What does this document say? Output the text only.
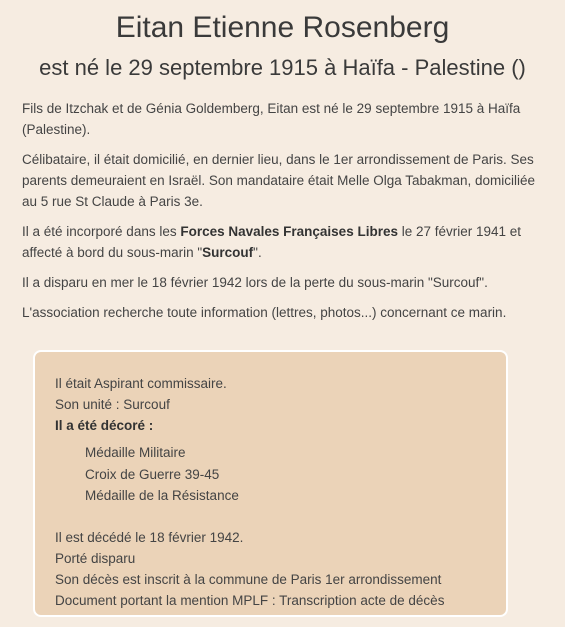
Eitan Etienne Rosenberg
est né le 29 septembre 1915 à Haïfa - Palestine ()

Fils de Itzchak et de Génia Goldemberg, Eitan est né le 29 septembre 1915 à Haïfa (Palestine).

Célibataire, il était domicilié, en dernier lieu, dans le 1er arrondissement de Paris. Ses parents demeuraient en Israël. Son mandataire était Melle Olga Tabakman, domiciliée au 5 rue St Claude à Paris 3e.

Il a été incorporé dans les Forces Navales Françaises Libres le 27 février 1941 et affecté à bord du sous-marin "Surcouf".

Il a disparu en mer le 18 février 1942 lors de la perte du sous-marin "Surcouf".

L'association recherche toute information (lettres, photos...) concernant ce marin.

Il était Aspirant commissaire.
Son unité : Surcouf
Il a été décoré :
Médaille Militaire
Croix de Guerre 39-45
Médaille de la Résistance
Il est décédé le 18 février 1942.
Porté disparu
Son décès est inscrit à la commune de Paris 1er arrondissement
Document portant la mention MPLF : Transcription acte de décès
